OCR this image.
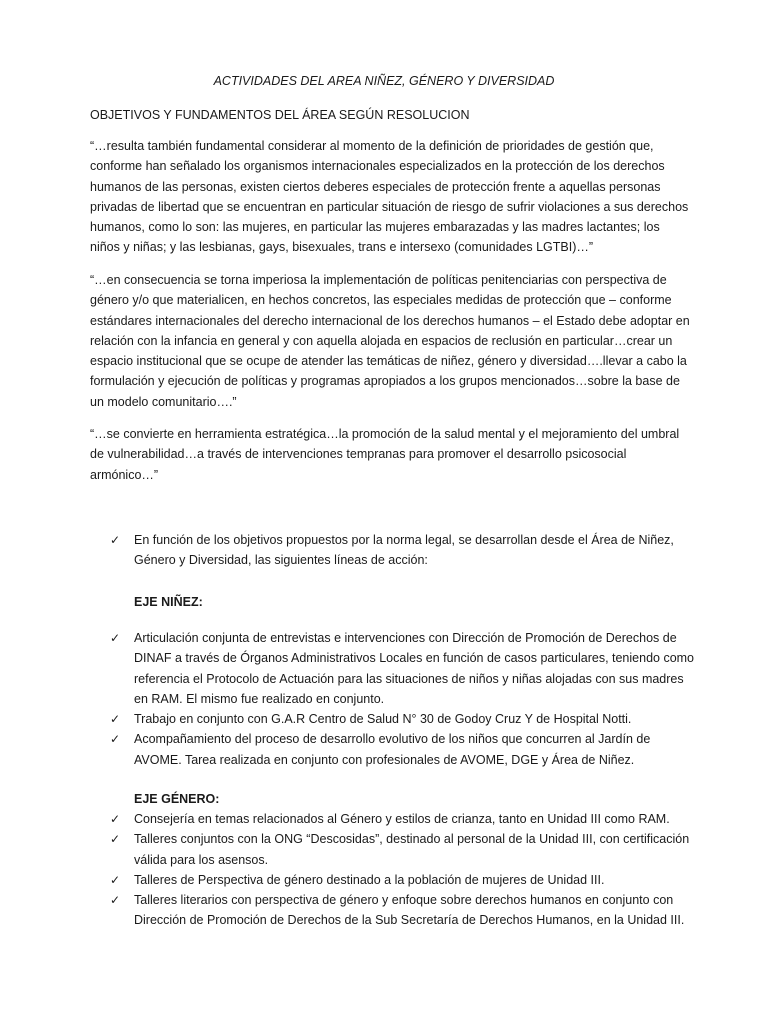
ACTIVIDADES DEL AREA NIÑEZ, GÉNERO Y DIVERSIDAD
OBJETIVOS Y FUNDAMENTOS DEL ÁREA SEGÚN RESOLUCION
“…resulta también fundamental considerar al momento de la definición de prioridades de gestión que, conforme han señalado los organismos internacionales especializados en la protección de los derechos humanos de las personas, existen ciertos deberes especiales de protección frente a aquellas personas privadas de libertad que se encuentran en particular situación de riesgo de sufrir violaciones a sus derechos humanos, como lo son: las mujeres, en particular las mujeres embarazadas y las madres lactantes; los niños y niñas; y las lesbianas, gays, bisexuales, trans e intersexo (comunidades LGTBI)…”
“…en consecuencia se torna imperiosa la implementación de políticas penitenciarias con perspectiva de género y/o que materialicen, en hechos concretos, las especiales medidas de protección que – conforme estándares internacionales del derecho internacional de los derechos humanos – el Estado debe adoptar en relación con la infancia en general y con aquella alojada en espacios de reclusión en particular…crear un espacio institucional que se ocupe de atender las temáticas de niñez, género y diversidad….llevar a cabo la formulación y ejecución de políticas y programas apropiados a los grupos mencionados…sobre la base de un modelo comunitario….”
“…se convierte en herramienta estratégica…la promoción de la salud mental y el mejoramiento del umbral de vulnerabilidad…a través de intervenciones tempranas para promover el desarrollo psicosocial armónico…”
✓ En función de los objetivos propuestos por la norma legal, se desarrollan desde el Área de Niñez, Género y Diversidad, las siguientes líneas de acción:
EJE NIÑEZ:
✓ Articulación conjunta de entrevistas e intervenciones con Dirección de Promoción de Derechos de DINAF a través de Órganos Administrativos Locales en función de casos particulares, teniendo como referencia el Protocolo de Actuación para las situaciones de niños y niñas alojadas con sus madres en RAM. El mismo fue realizado en conjunto.
✓ Trabajo en conjunto con G.A.R Centro de Salud N° 30 de Godoy Cruz Y de Hospital Notti.
✓ Acompañamiento del proceso de desarrollo evolutivo de los niños que concurren al Jardín de AVOME. Tarea realizada en conjunto con profesionales de AVOME, DGE y Área de Niñez.
EJE GÉNERO:
✓ Consejería en temas relacionados al Género y estilos de crianza, tanto en Unidad III como RAM.
✓ Talleres conjuntos con la ONG “Descosidas”, destinado al personal de la Unidad III, con certificación válida para los asensos.
✓ Talleres de Perspectiva de género destinado a la población de mujeres de Unidad III.
✓ Talleres literarios con perspectiva de género y enfoque sobre derechos humanos en conjunto con Dirección de Promoción de Derechos de la Sub Secretaría de Derechos Humanos, en la Unidad III.
